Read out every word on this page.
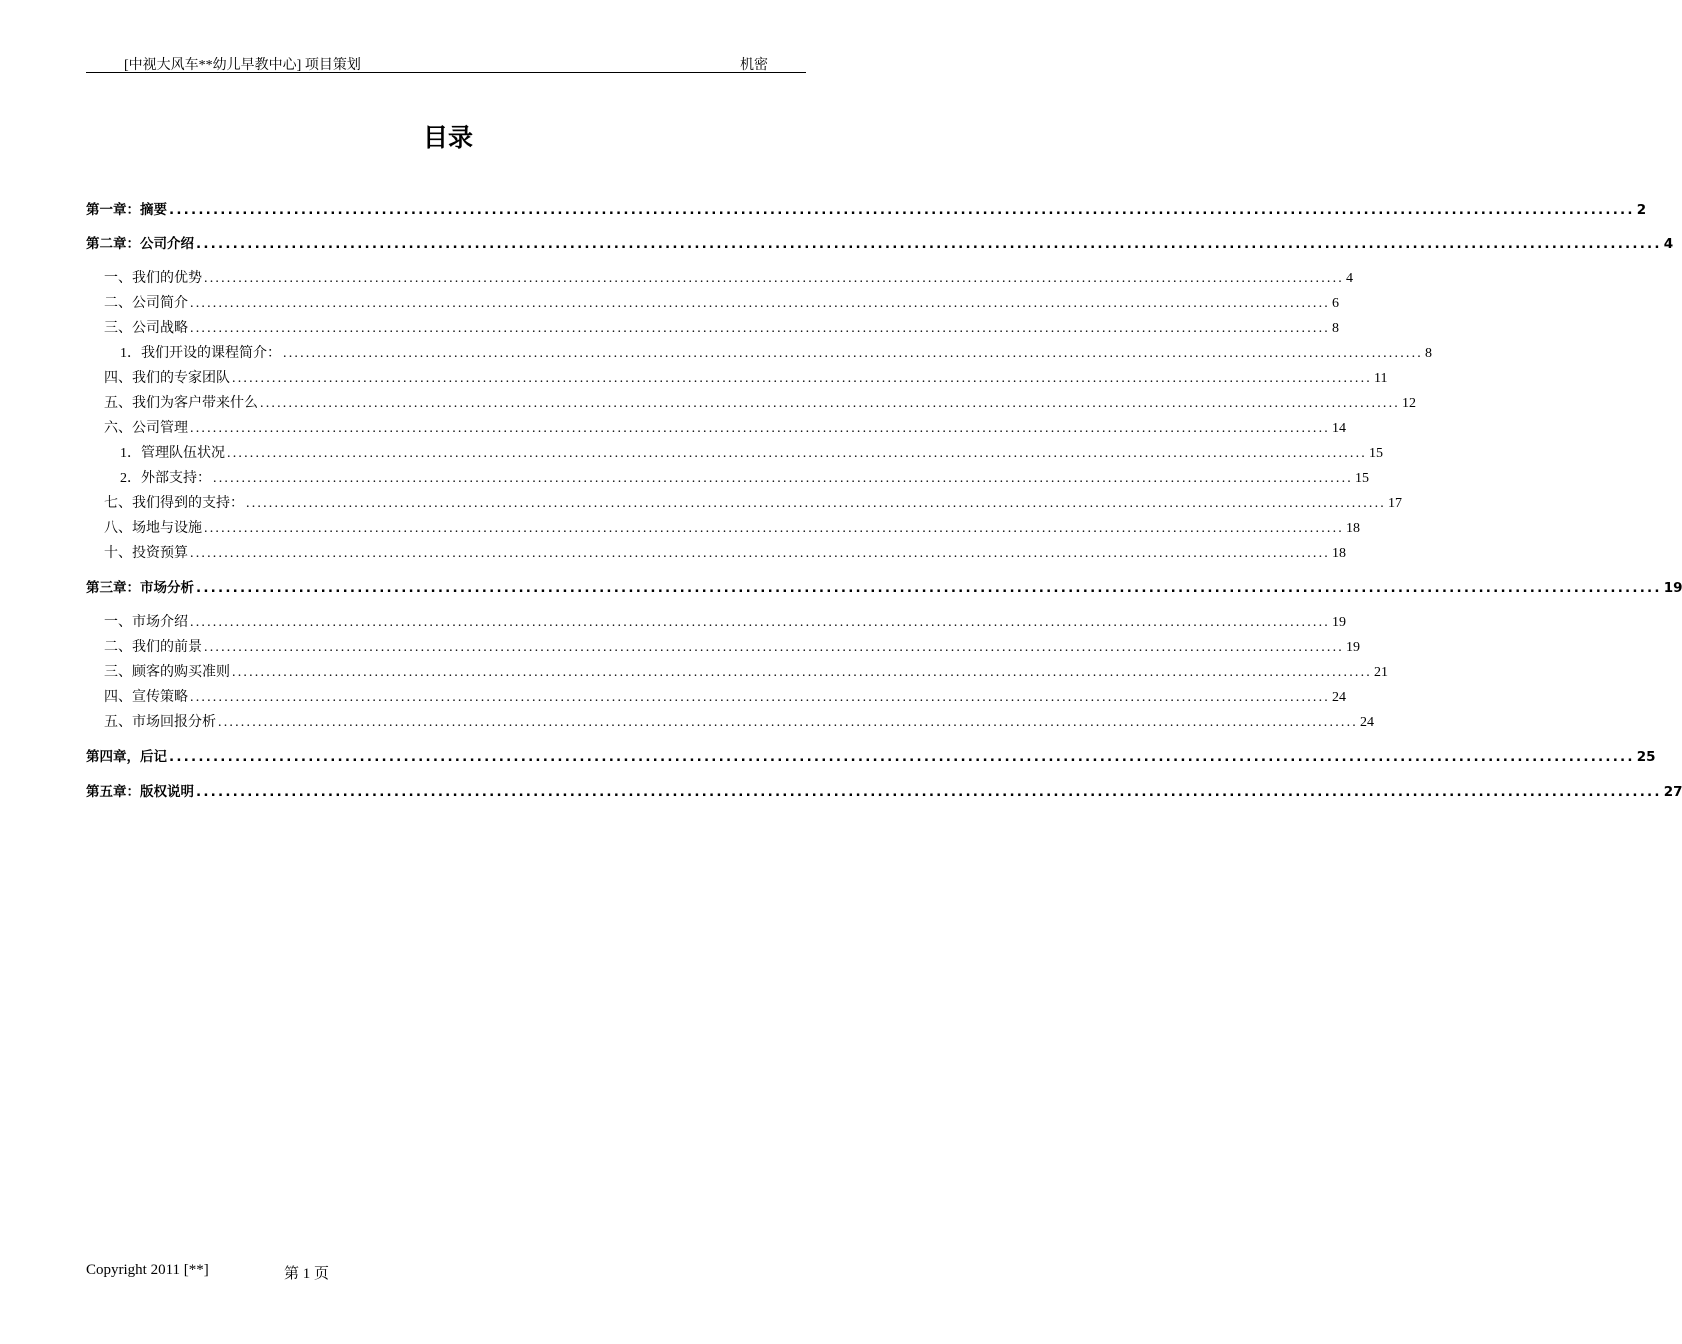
[中视大风车**幼儿早教中心] 项目策划	机密
目录
第一章：摘要 ........................................................................................................................................................................................................ 2
第二章：公司介绍 ........................................................................................................................................................................................................ 4
一、我们的优势 ........................................................................................................................................................................................................ 4
二、公司简介 ........................................................................................................................................................................................................ 6
三、公司战略 ........................................................................................................................................................................................................ 8
1．我们开设的课程简介： ........................................................................................................................................................................................................ 8
四、我们的专家团队 ........................................................................................................................................................................................................ 11
五、我们为客户带来什么 ........................................................................................................................................................................................................ 12
六、公司管理 ........................................................................................................................................................................................................ 14
1．管理队伍状况 ........................................................................................................................................................................................................ 15
2．外部支持： ........................................................................................................................................................................................................ 15
七、我们得到的支持： ........................................................................................................................................................................................................ 17
八、场地与设施 ........................................................................................................................................................................................................ 18
十、投资预算 ........................................................................................................................................................................................................ 18
第三章：市场分析 ........................................................................................................................................................................................................ 19
一、市场介绍 ........................................................................................................................................................................................................ 19
二、我们的前景 ........................................................................................................................................................................................................ 19
三、顾客的购买准则 ........................................................................................................................................................................................................ 21
四、宣传策略 ........................................................................................................................................................................................................ 24
五、市场回报分析 ........................................................................................................................................................................................................ 24
第四章，后记 ........................................................................................................................................................................................................ 25
第五章：版权说明 ........................................................................................................................................................................................................ 27
Copyright 2011 [**]	第 1 页
